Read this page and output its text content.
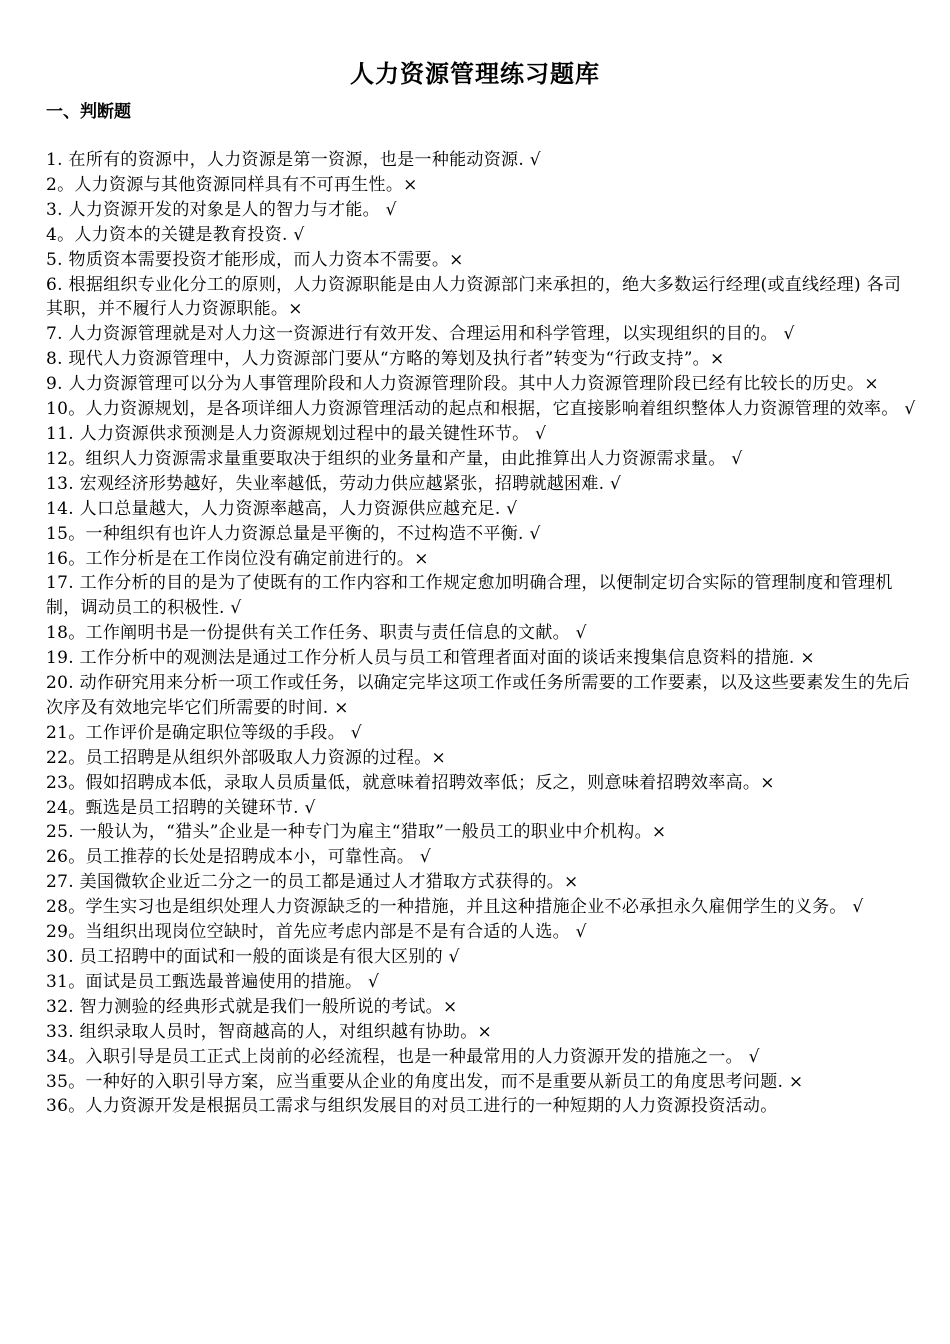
人力资源管理练习题库
一、判断题
1. 在所有的资源中，人力资源是第一资源，也是一种能动资源. √
2。人力资源与其他资源同样具有不可再生性。×
3. 人力资源开发的对象是人的智力与才能。 √
4。人力资本的关键是教育投资. √
5. 物质资本需要投资才能形成，而人力资本不需要。×
6. 根据组织专业化分工的原则，人力资源职能是由人力资源部门来承担的，绝大多数运行经理(或直线经理) 各司其职，并不履行人力资源职能。×
7. 人力资源管理就是对人力这一资源进行有效开发、合理运用和科学管理，以实现组织的目的。 √
8. 现代人力资源管理中，人力资源部门要从“方略的筹划及执行者”转变为“行政支持”。×
9. 人力资源管理可以分为人事管理阶段和人力资源管理阶段。其中人力资源管理阶段已经有比较长的历史。×
10。人力资源规划，是各项详细人力资源管理活动的起点和根据，它直接影响着组织整体人力资源管理的效率。 √
11. 人力资源供求预测是人力资源规划过程中的最关键性环节。 √
12。组织人力资源需求量重要取决于组织的业务量和产量，由此推算出人力资源需求量。 √
13. 宏观经济形势越好，失业率越低，劳动力供应越紧张，招聘就越困难. √
14. 人口总量越大，人力资源率越高，人力资源供应越充足. √
15。一种组织有也许人力资源总量是平衡的，不过构造不平衡. √
16。工作分析是在工作岗位没有确定前进行的。×
17. 工作分析的目的是为了使既有的工作内容和工作规定愈加明确合理，以便制定切合实际的管理制度和管理机制，调动员工的积极性. √
18。工作阐明书是一份提供有关工作任务、职责与责任信息的文献。 √
19. 工作分析中的观测法是通过工作分析人员与员工和管理者面对面的谈话来搜集信息资料的措施. ×
20. 动作研究用来分析一项工作或任务，以确定完毕这项工作或任务所需要的工作要素，以及这些要素发生的先后次序及有效地完毕它们所需要的时间. ×
21。工作评价是确定职位等级的手段。 √
22。员工招聘是从组织外部吸取人力资源的过程。×
23。假如招聘成本低，录取人员质量低，就意味着招聘效率低；反之，则意味着招聘效率高。×
24。甄选是员工招聘的关键环节. √
25. 一般认为，“猎头”企业是一种专门为雇主“猎取”一般员工的职业中介机构。×
26。员工推荐的长处是招聘成本小，可靠性高。 √
27. 美国微软企业近二分之一的员工都是通过人才猎取方式获得的。×
28。学生实习也是组织处理人力资源缺乏的一种措施，并且这种措施企业不必承担永久雇佣学生的义务。 √
29。当组织出现岗位空缺时，首先应考虑内部是不是有合适的人选。 √
30. 员工招聘中的面试和一般的面谈是有很大区别的 √
31。面试是员工甄选最普遍使用的措施。 √
32. 智力测验的经典形式就是我们一般所说的考试。×
33. 组织录取人员时，智商越高的人，对组织越有协助。×
34。入职引导是员工正式上岗前的必经流程，也是一种最常用的人力资源开发的措施之一。 √
35。一种好的入职引导方案，应当重要从企业的角度出发，而不是重要从新员工的角度思考问题. ×
36。人力资源开发是根据员工需求与组织发展目的对员工进行的一种短期的人力资源投资活动。
